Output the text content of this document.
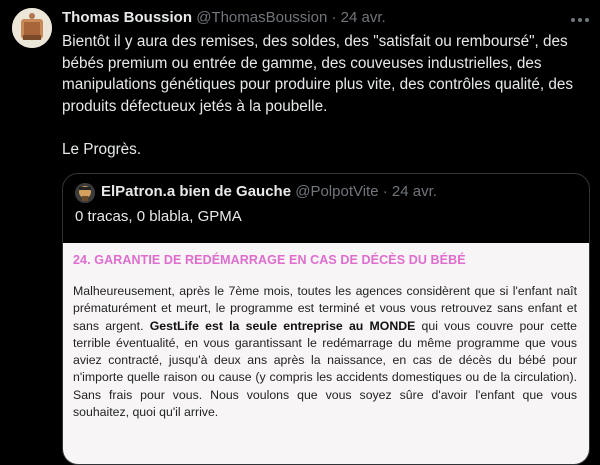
Thomas Boussion @ThomasBoussion · 24 avr.
Bientôt il y aura des remises, des soldes, des "satisfait ou remboursé", des bébés premium ou entrée de gamme, des couveuses industrielles, des manipulations génétiques pour produire plus vite, des contrôles qualité, des produits défectueux jetés à la poubelle.

Le Progrès.
ElPatron.a bien de Gauche @PolpotVite · 24 avr.
0 tracas, 0 blabla, GPMA
24. GARANTIE DE REDÉMARRAGE EN CAS DE DÉCÈS DU BÉBÉ
Malheureusement, après le 7ème mois, toutes les agences considèrent que si l'enfant naît prématurément et meurt, le programme est terminé et vous vous retrouvez sans enfant et sans argent. GestLife est la seule entreprise au MONDE qui vous couvre pour cette terrible éventualité, en vous garantissant le redémarrage du même programme que vous aviez contracté, jusqu'à deux ans après la naissance, en cas de décès du bébé pour n'importe quelle raison ou cause (y compris les accidents domestiques ou de la circulation). Sans frais pour vous. Nous voulons que vous soyez sûre d'avoir l'enfant que vous souhaitez, quoi qu'il arrive.
